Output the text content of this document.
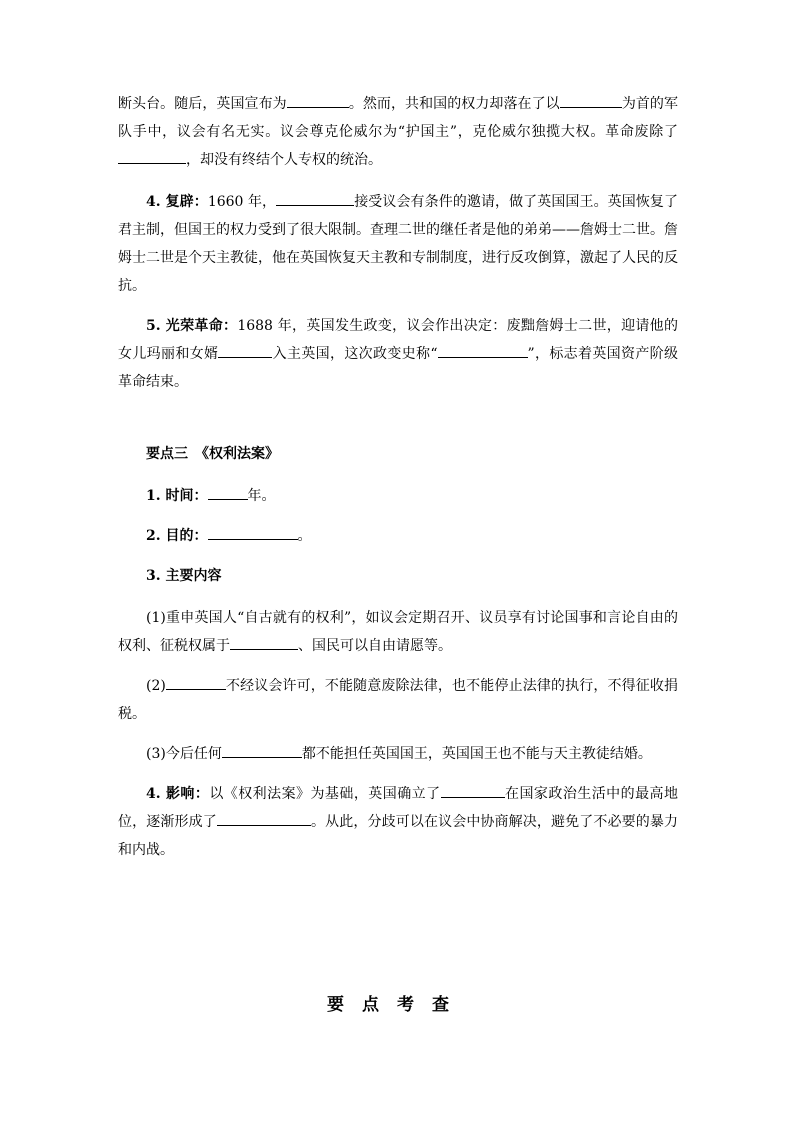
断头台。随后，英国宣布为	。然而，共和国的权力却落在了以	为首的军队手中，议会有名无实。议会尊克伦威尔为“护国主”，克伦威尔独揽大权。革命废除了，却没有终结个人专权的统治。

4. 复辟：1660 年，	接受议会有条件的邀请，做了英国国王。英国恢复了君主制，但国王的权力受到了很大限制。查理二世的继任者是他的弟弟——詹姆士二世。詹姆士二世是个天主教徒，他在英国恢复天主教和专制制度，进行反攻倒算，激起了人民的反抗。

5. 光荣革命：1688 年，英国发生政变，议会作出决定：废黜詹姆士二世，迎请他的女儿玛丽和女婿	入主英国，这次政变史称“	”，标志着英国资产阶级革命结束。

要点三　《权利法案》

1. 时间：	年。

2. 目的：	。

3. 主要内容

(1)重申英国人“自古就有的权利”，如议会定期召开、议员享有讨论国事和言论自由的权利、征税权属于	、国民可以自由请愿等。

(2)	不经议会许可，不能随意废除法律，也不能停止法律的执行，不得征收捐税。

(3)今后任何	都不能担任英国国王，英国国王也不能与天主教徒结婚。

4. 影响：以《权利法案》为基础，英国确立了	在国家政治生活中的最高地位，逐渐形成了	。从此，分歧可以在议会中协商解决，避免了不必要的暴力和内战。

要点考查
